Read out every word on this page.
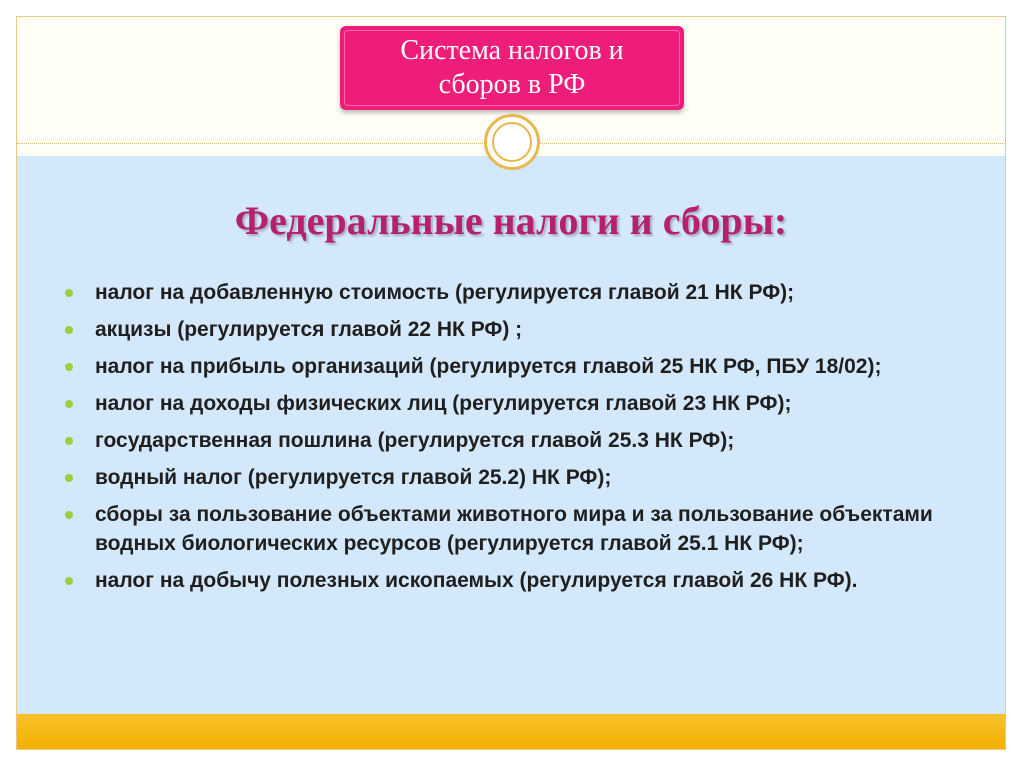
Система налогов и
сборов в РФ
Федеральные налоги и сборы:
налог на добавленную стоимость (регулируется главой 21 НК РФ);
акцизы (регулируется главой 22 НК РФ) ;
налог на прибыль организаций (регулируется главой 25 НК РФ, ПБУ 18/02);
налог на доходы физических лиц (регулируется главой 23 НК РФ);
государственная пошлина (регулируется главой 25.3 НК РФ);
водный налог (регулируется главой 25.2) НК РФ);
сборы за пользование объектами животного мира и за пользование объектами водных биологических ресурсов (регулируется главой 25.1 НК РФ);
налог на добычу полезных ископаемых (регулируется главой 26 НК РФ).
